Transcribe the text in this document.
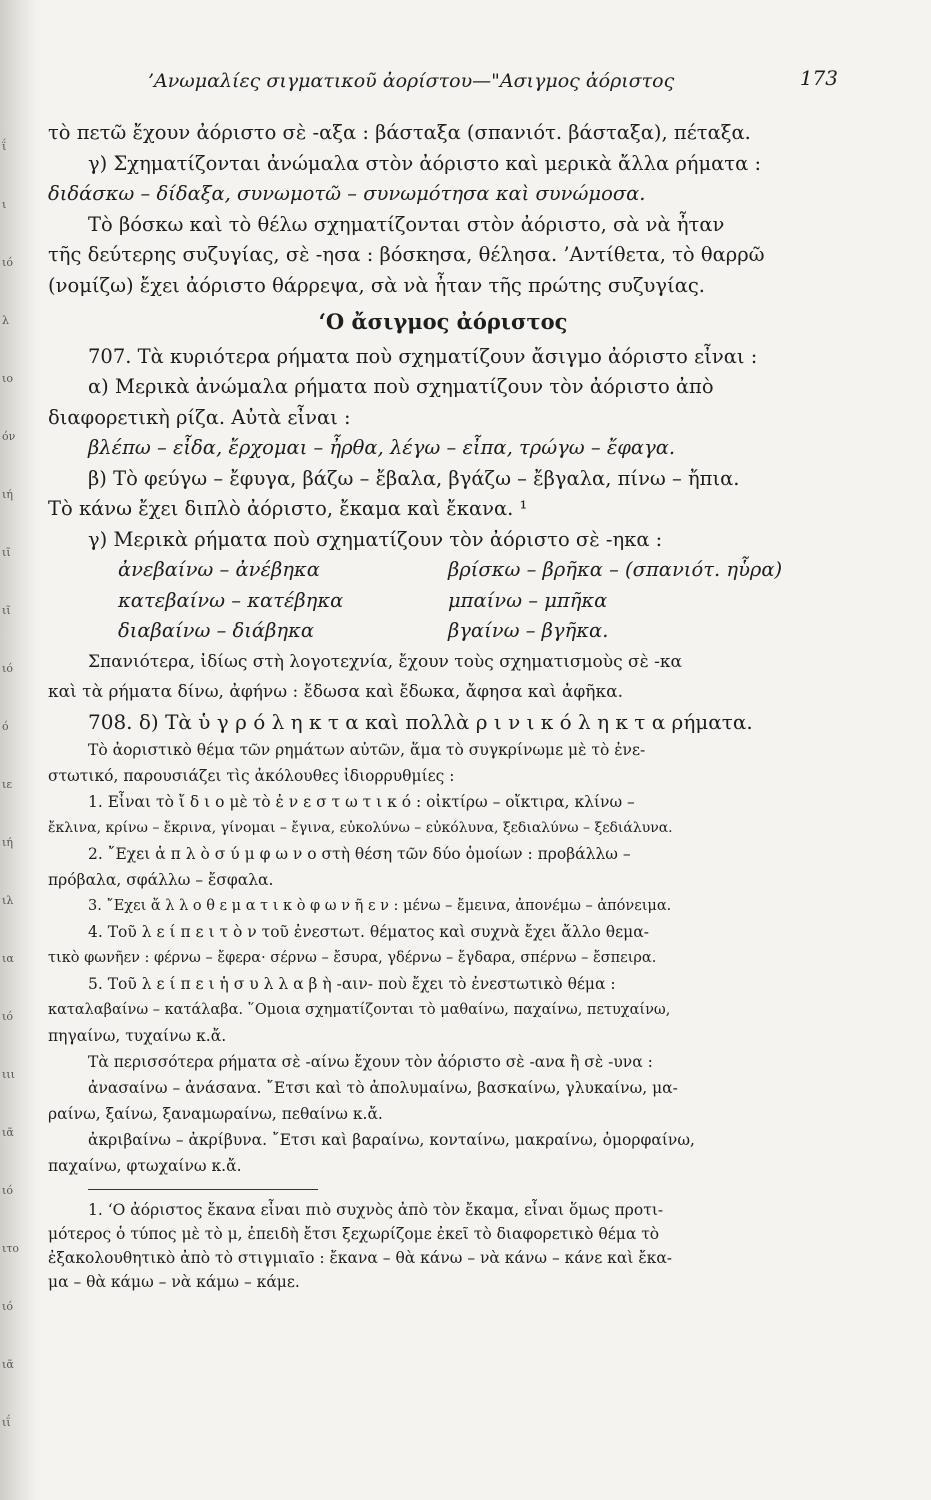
ΐ
ι
ιό
λ
ιο
όν
ιή
ιῖ
ιῖ
ιό
ό
ιε
ιή
ιλ
ια
ιό
ιιι
ιᾶ
ιό
ιτο
ιό
ιᾶ
ιΐ
’Ανωμαλίες σιγματικοῦ ἀορίστου—"Ασιγμος ἀόριστος	173
τὸ πετῶ ἔχουν ἀόριστο σὲ -αξα : βάσταξα (σπανιότ. βάσταξα), πέταξα.
γ) Σχηματίζονται ἀνώμαλα στὸν ἀόριστο καὶ μερικὰ ἄλλα ρήματα :
διδάσκω – δίδαξα, συνωμοτῶ – συνωμότησα καὶ συνώμοσα.
Τὸ βόσκω καὶ τὸ θέλω σχηματίζονται στὸν ἀόριστο, σὰ νὰ ἦταν
τῆς δεύτερης συζυγίας, σὲ -ησα : βόσκησα, θέλησα. ’Αντίθετα, τὸ θαρρῶ
(νομίζω) ἔχει ἀόριστο θάρρεψα, σὰ νὰ ἦταν τῆς πρώτης συζυγίας.
‘Ο ἄσιγμος ἀόριστος
707. Τὰ κυριότερα ρήματα ποὺ σχηματίζουν ἄσιγμο ἀόριστο εἶναι :
α) Μερικὰ ἀνώμαλα ρήματα ποὺ σχηματίζουν τὸν ἀόριστο ἀπὸ
διαφορετικὴ ρίζα. Αὐτὰ εἶναι :
βλέπω – εἶδα, ἔρχομαι – ἦρθα, λέγω – εἶπα, τρώγω – ἔφαγα.
β) Τὸ φεύγω – ἔφυγα, βάζω – ἔβαλα, βγάζω – ἔβγαλα, πίνω – ἤπια.
Τὸ κάνω ἔχει διπλὸ ἀόριστο, ἔκαμα καὶ ἔκανα. ¹
γ) Μερικὰ ρήματα ποὺ σχηματίζουν τὸν ἀόριστο σὲ -ηκα :
ἀνεβαίνω – ἀνέβηκα	βρίσκω – βρῆκα – (σπανιότ. ηὗρα)
κατεβαίνω – κατέβηκα	μπαίνω – μπῆκα
διαβαίνω – διάβηκα	βγαίνω – βγῆκα.
Σπανιότερα, ἰδίως στὴ λογοτεχνία, ἔχουν τοὺς σχηματισμοὺς σὲ -κα
καὶ τὰ ρήματα δίνω, ἀφήνω : ἔδωσα καὶ ἔδωκα, ἄφησα καὶ ἀφῆκα.
708. δ) Τὰ ὑ γ ρ ό λ η κ τ α καὶ πολλὰ ρ ι ν ι κ ό λ η κ τ α ρήματα.
Τὸ ἀοριστικὸ θέμα τῶν ρημάτων αὐτῶν, ἅμα τὸ συγκρίνωμε μὲ τὸ ἐνε-
στωτικό, παρουσιάζει τὶς ἀκόλουθες ἰδιορρυθμίες :
1. Εἶναι τὸ ἴ δ ι ο μὲ τὸ ἐ ν ε σ τ ω τ ι κ ό : οἰκτίρω – οἴκτιρα, κλίνω –
ἔκλινα, κρίνω – ἔκρινα, γίνομαι – ἔγινα, εὐκολύνω – εὐκόλυνα, ξεδιαλύνω – ξεδιάλυνα.
2. ῎Εχει ἁ π λ ὸ σ ύ μ φ ω ν ο στὴ θέση τῶν δύο ὁμοίων : προβάλλω –
πρόβαλα, σφάλλω – ἔσφαλα.
3. ῎Εχει ἄ λ λ ο θ ε μ α τ ι κ ὸ φ ω ν ῆ ε ν : μένω – ἔμεινα, ἀπονέμω – ἀπόνειμα.
4. Τοῦ λ ε ί π ε ι τ ὸ ν τοῦ ἐνεστωτ. θέματος καὶ συχνὰ ἔχει ἄλλο θεμα-
τικὸ φωνῆεν : φέρνω – ἔφερα· σέρνω – ἔσυρα, γδέρνω – ἔγδαρα, σπέρνω – ἔσπειρα.
5. Τοῦ λ ε ί π ε ι ἡ σ υ λ λ α β ὴ -αιν- ποὺ ἔχει τὸ ἐνεστωτικὸ θέμα :
καταλαβαίνω – κατάλαβα. ῞Ομοια σχηματίζονται τὸ μαθαίνω, παχαίνω, πετυχαίνω,
πηγαίνω, τυχαίνω κ.ἄ.
Τὰ περισσότερα ρήματα σὲ -αίνω ἔχουν τὸν ἀόριστο σὲ -ανα ἢ σὲ -υνα :
ἀνασαίνω – ἀνάσανα. ῎Ετσι καὶ τὸ ἀπολυμαίνω, βασκαίνω, γλυκαίνω, μα-
ραίνω, ξαίνω, ξαναμωραίνω, πεθαίνω κ.ἄ.
ἀκριβαίνω – ἀκρίβυνα. ῎Ετσι καὶ βαραίνω, κονταίνω, μακραίνω, ὀμορφαίνω,
παχαίνω, φτωχαίνω κ.ἄ.
1. ‘Ο ἀόριστος ἔκανα εἶναι πιὸ συχνὸς ἀπὸ τὸν ἔκαμα, εἶναι ὅμως προτι-
μότερος ὁ τύπος μὲ τὸ μ, ἐπειδὴ ἔτσι ξεχωρίζομε ἐκεῖ τὸ διαφορετικὸ θέμα τὸ
ἐξακολουθητικὸ ἀπὸ τὸ στιγμιαῖο : ἔκανα – θὰ κάνω – νὰ κάνω – κάνε καὶ ἔκα-
μα – θὰ κάμω – νὰ κάμω – κάμε.
